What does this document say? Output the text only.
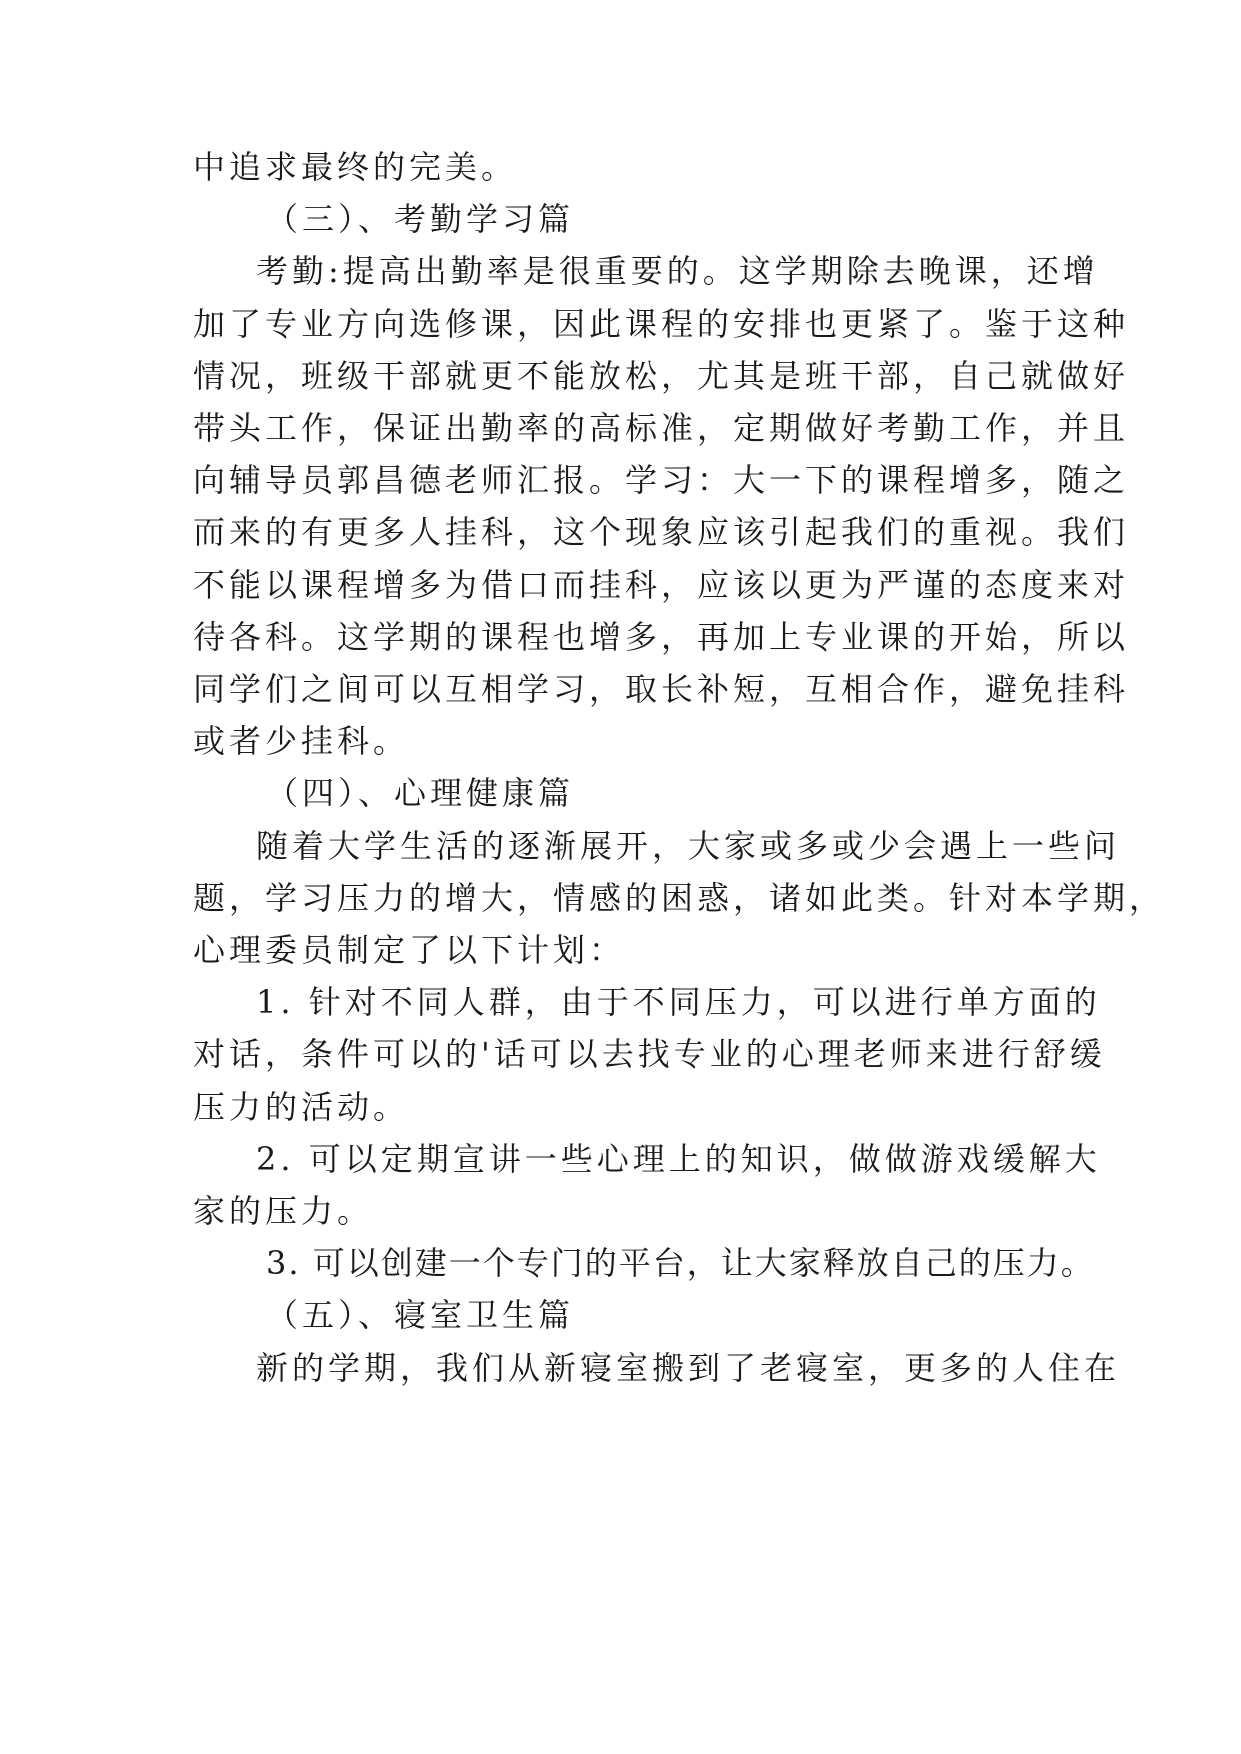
中追求最终的完美。
（三）、考勤学习篇
考勤:提高出勤率是很重要的。这学期除去晚课，还增
加了专业方向选修课，因此课程的安排也更紧了。鉴于这种
情况，班级干部就更不能放松，尤其是班干部，自己就做好
带头工作，保证出勤率的高标准，定期做好考勤工作，并且
向辅导员郭昌德老师汇报。学习：大一下的课程增多，随之
而来的有更多人挂科，这个现象应该引起我们的重视。我们
不能以课程增多为借口而挂科，应该以更为严谨的态度来对
待各科。这学期的课程也增多，再加上专业课的开始，所以
同学们之间可以互相学习，取长补短，互相合作，避免挂科
或者少挂科。
（四）、心理健康篇
随着大学生活的逐渐展开，大家或多或少会遇上一些问
题，学习压力的增大，情感的困惑，诸如此类。针对本学期，
心理委员制定了以下计划：
1. 针对不同人群，由于不同压力，可以进行单方面的
对话，条件可以的'话可以去找专业的心理老师来进行舒缓
压力的活动。
2. 可以定期宣讲一些心理上的知识，做做游戏缓解大
家的压力。
3. 可以创建一个专门的平台，让大家释放自己的压力。
（五）、寝室卫生篇
新的学期，我们从新寝室搬到了老寝室，更多的人住在
